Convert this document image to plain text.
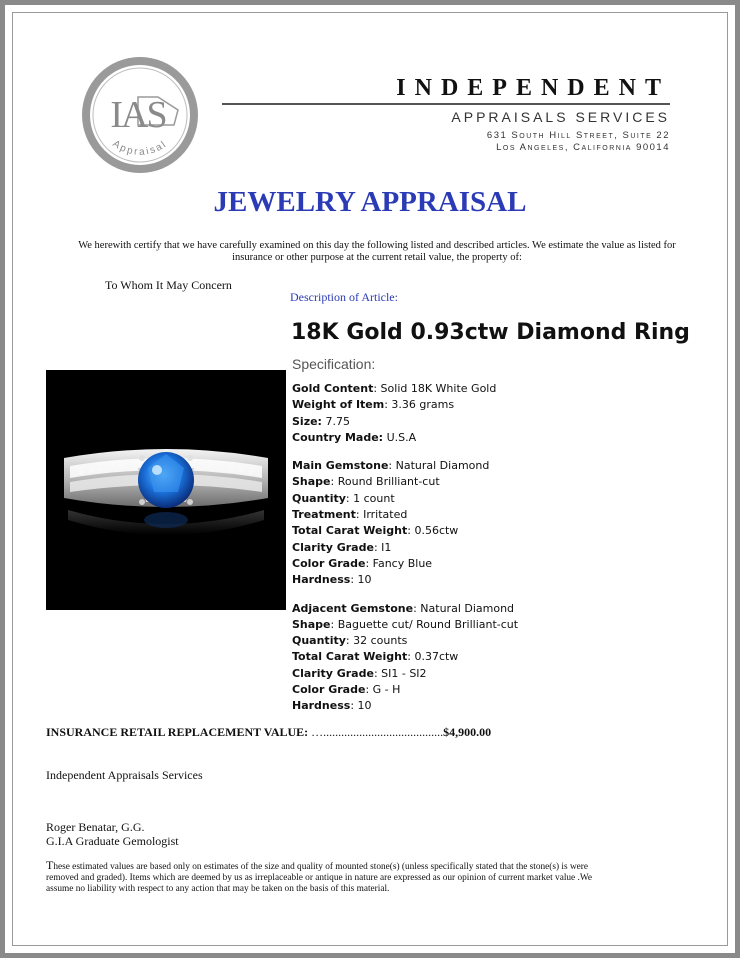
IAS
Appraisal
INDEPENDENT
APPRAISALS SERVICES
631 South Hill Street, Suite 22
Los Angeles, California 90014
JEWELRY APPRAISAL
We herewith certify that we have carefully examined on this day the following listed and described articles. We estimate the value as listed for insurance or other purpose at the current retail value, the property of:
To Whom It May Concern
Description of Article:
18K Gold 0.93ctw Diamond Ring
Specification:
Gold Content: Solid 18K White Gold
Weight of Item: 3.36 grams
Size: 7.75
Country Made: U.S.A
Main Gemstone: Natural Diamond
Shape: Round Brilliant-cut
Quantity: 1 count
Treatment: Irritated
Total Carat Weight: 0.56ctw
Clarity Grade: I1
Color Grade: Fancy Blue
Hardness: 10
Adjacent Gemstone: Natural Diamond
Shape: Baguette cut/ Round Brilliant-cut
Quantity: 32 counts
Total Carat Weight: 0.37ctw
Clarity Grade: SI1 - SI2
Color Grade: G - H
Hardness: 10
INSURANCE RETAIL REPLACEMENT VALUE: …........................................$4,900.00
Independent Appraisals Services
Roger Benatar, G.G.
G.I.A Graduate Gemologist
These estimated values are based only on estimates of the size and quality of mounted stone(s) (unless specifically stated that the stone(s) is were removed and graded). Items which are deemed by us as irreplaceable or antique in nature are expressed as our opinion of current market value .We assume no liability with respect to any action that may be taken on the basis of this material.
